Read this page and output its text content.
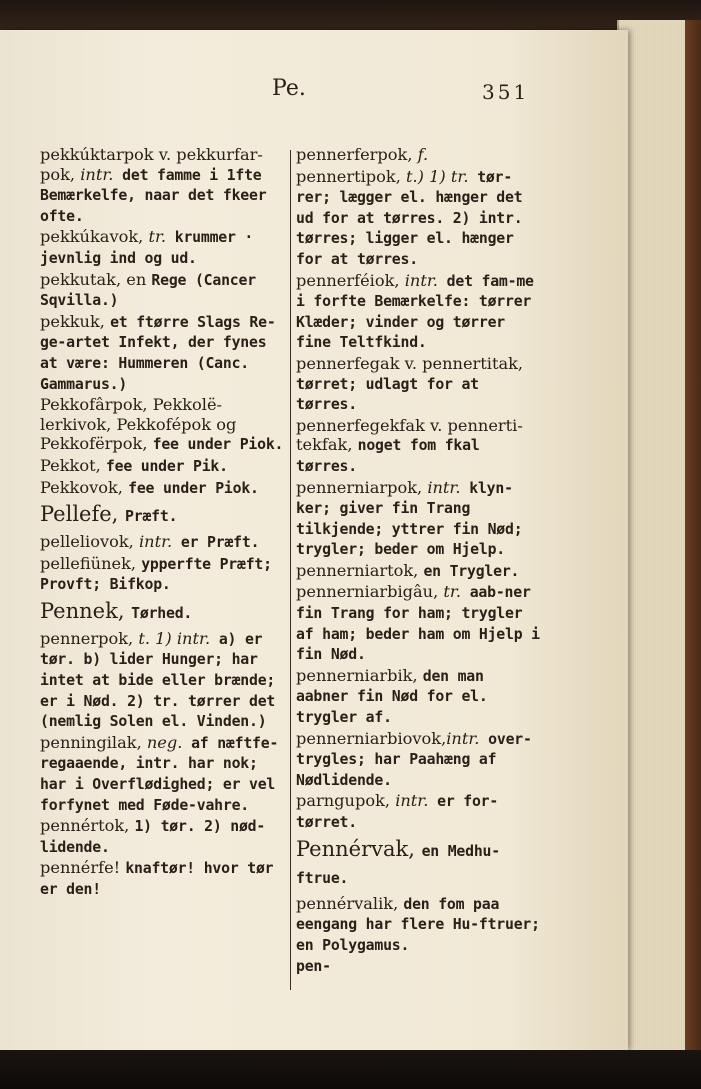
Pe.	351
pekkúktarpok v. pekkurfar-pok, intr. det famme i 1fte Bemærkelfe, naar det fkeer ofte.
pekkúkavok, tr. krummer · jevnlig ind og ud.
pekkutak, en Rege (Cancer Sqvilla.)
pekkuk, et ftørre Slags Re-ge-artet Infekt, der fynes at være: Hummeren (Canc. Gammarus.)
Pekkofârpok, Pekkolë-lerkivok, Pekkofépok og Pekkofërpok, fee under Piok.
Pekkot, fee under Pik.
Pekkovok, fee under Piok.
Pellefe, Præft.
pelleliovok, intr. er Præft.
pellefiünek, ypperfte Præft; Provft; Bifkop.
Pennek, Tørhed.
pennerpok, t. 1) intr. a) er tør. b) lider Hunger; har intet at bide eller brænde; er i Nød. 2) tr. tørrer det (nemlig Solen el. Vinden.)
penningilak, neg. af næftfe-regaaende, intr. har nok; har i Overflødighed; er vel forfynet med Føde-vahre.
pennértok, 1) tør. 2) nød-lidende.
pennérfe! knaftør! hvor tør er den!
pennerferpok, f.
pennertipok, t.) 1) tr. tør-rer; lægger el. hænger det ud for at tørres. 2) intr. tørres; ligger el. hænger for at tørres.
pennerféiok, intr. det fam-me i forfte Bemærkelfe: tørrer Klæder; vinder og tørrer fine Teltfkind.
pennerfegak v. pennertitak, tørret; udlagt for at tørres.
pennerfegekfak v. pennerti-tekfak, noget fom fkal tørres.
pennerniarpok, intr. klyn-ker; giver fin Trang tilkjende; yttrer fin Nød; trygler; beder om Hjelp.
pennerniartok, en Trygler.
pennerniarbigâu, tr. aab-ner fin Trang for ham; trygler af ham; beder ham om Hjelp i fin Nød.
pennerniarbik, den man aabner fin Nød for el. trygler af.
pennerniarbiovok,intr. over-trygles; har Paahæng af Nødlidende.
parngupok, intr. er for-tørret.
Pennérvak, en Medhu-ftrue.
pennérvalik, den fom paa eengang har flere Hu-ftruer; en Polygamus.
pen-
